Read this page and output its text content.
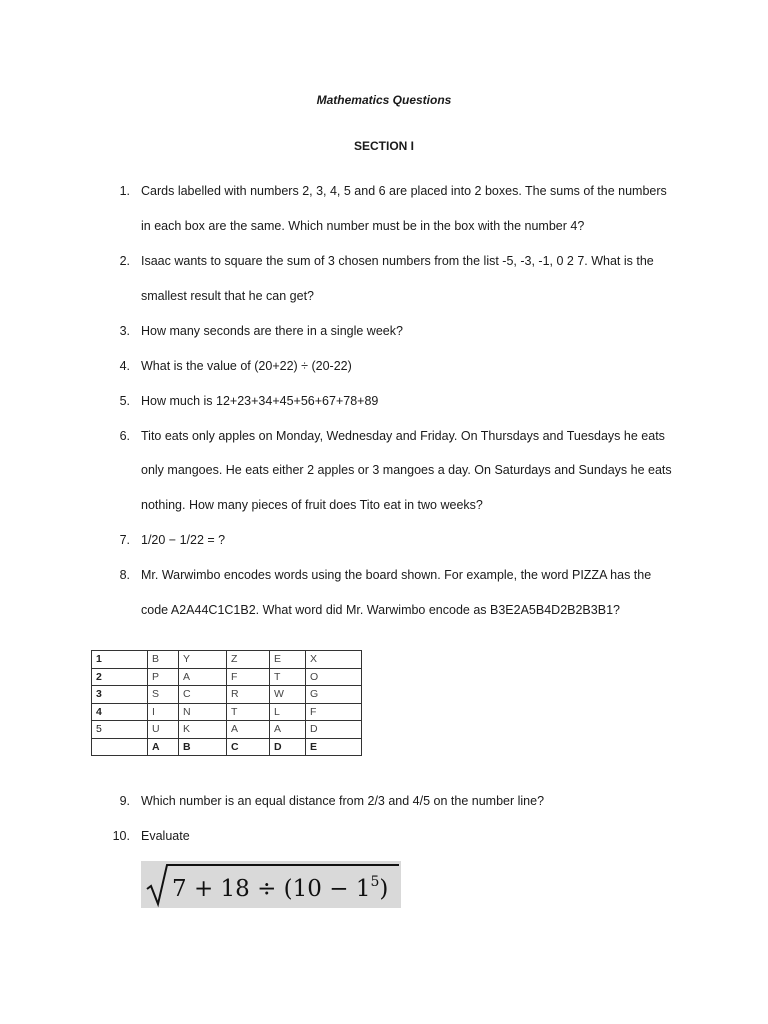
Mathematics Questions
SECTION I
1. Cards labelled with numbers 2, 3, 4, 5 and 6 are placed into 2 boxes. The sums of the numbers
in each box are the same. Which number must be in the box with the number 4?
2. Isaac wants to square the sum of 3 chosen numbers from the list -5, -3, -1, 0 2 7. What is the
smallest result that he can get?
3. How many seconds are there in a single week?
4. What is the value of (20+22) ÷ (20-22)
5. How much is 12+23+34+45+56+67+78+89
6. Tito eats only apples on Monday, Wednesday and Friday. On Thursdays and Tuesdays he eats
only mangoes. He eats either 2 apples or 3 mangoes a day. On Saturdays and Sundays he eats
nothing. How many pieces of fruit does Tito eat in two weeks?
7. 1/20 − 1/22 = ?
8. Mr. Warwimbo encodes words using the board shown. For example, the word PIZZA has the
code A2A44C1C1B2. What word did Mr. Warwimbo encode as B3E2A5B4D2B2B3B1?
1	B	Y	Z	E	X
2	P	A	F	T	O
3	S	C	R	W	G
4	I	N	T	L	F
5	U	K	A	A	D
	A	B	C	D	E
9. Which number is an equal distance from 2/3 and 4/5 on the number line?
10. Evaluate
$7 + 18 \div (10 - 1^5)$
